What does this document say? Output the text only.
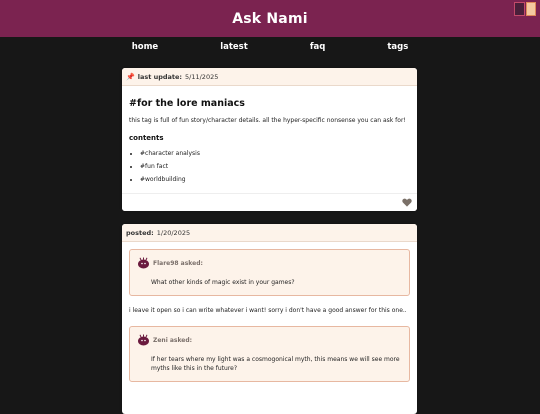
Ask Nami
home	latest	faq	tags
📌 last update: 5/11/2025
#for the lore maniacs
this tag is full of fun story/character details. all the hyper-specific nonsense you can ask for!
contents
• #character analysis
• #fun fact
• #worldbuilding
posted: 1/20/2025
Flare98 asked:
What other kinds of magic exist in your games?
i leave it open so i can write whatever i want! sorry i don't have a good answer for this one..
Zeni asked:
If her tears where my light was a cosmogonical myth, this means we will see more myths like this in the future?
